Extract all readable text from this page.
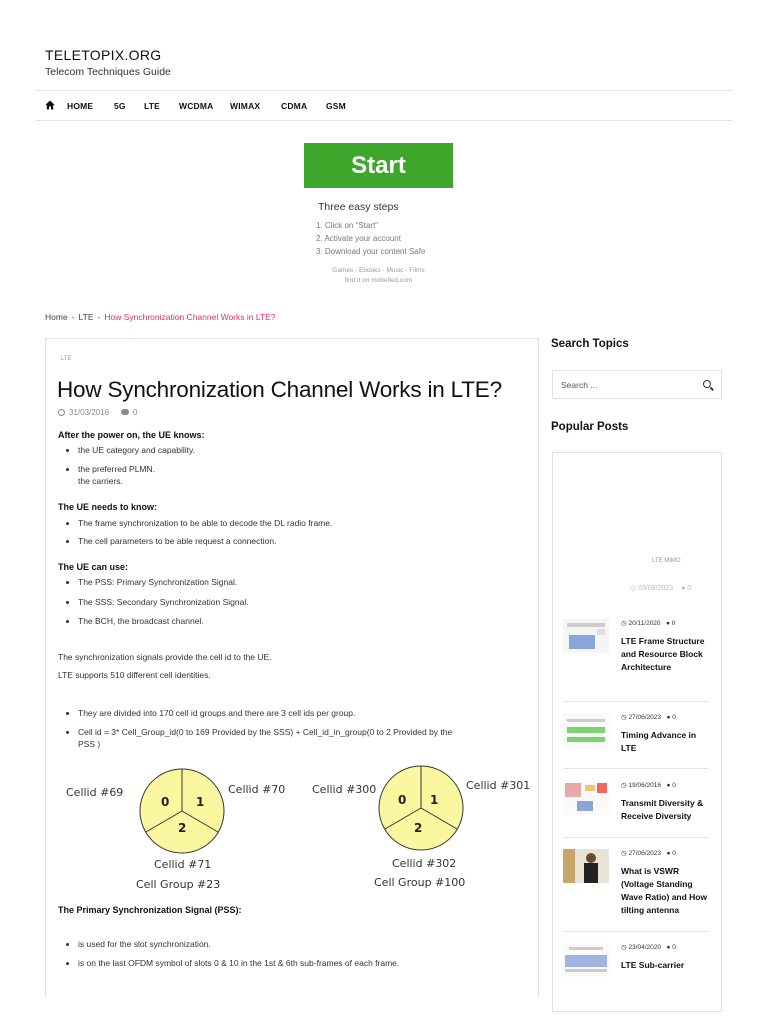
TELETOPIX.ORG
Telecom Techniques Guide
HOME 5G LTE WCDMA WIMAX CDMA GSM
Start
Three easy steps
1. Click on "Start"
2. Activate your account
3. Download your content Safe
Games - Ebooks - Music - Films
find it on mobefied.com
Home - LTE - How Synchronization Channel Works in LTE?
LTE
How Synchronization Channel Works in LTE?
31/03/2016	0
After the power on, the UE knows:
the UE category and capability.
the preferred PLMN.
the carriers.
The UE needs to know:
The frame synchronization to be able to decode the DL radio frame.
The cell parameters to be able request a connection.
The UE can use:
The PSS: Primary Synchronization Signal.
The SSS: Secondary Synchronization Signal.
The BCH, the broadcast channel.
The synchronization signals provide the cell id to the UE.
LTE supports 510 different cell identities.
They are divided into 170 cell id groups and there are 3 cell ids per group.
Cell id = 3* Cell_Group_id(0 to 169 Provided by the SSS) + Cell_id_in_group(0 to 2 Provided by the
PSS )
0 1
2
Cellid #69	Cellid #70
Cellid #71
Cell Group #23
0 1
2
Cellid #300	Cellid #301
Cellid #302
Cell Group #100
The Primary Synchronization Signal (PSS):
is used for the slot synchronization.
is on the last OFDM symbol of slots 0 & 10 in the 1st & 6th sub-frames of each frame.
Search Topics
Search ...
Popular Posts
LTE MIMO
◷ 03/09/2023 ● 0
◷ 20/11/2020 ● 0
LTE Frame Structure and Resource Block Architecture
◷ 27/06/2023 ● 0
Timing Advance in LTE
◷ 19/06/2016 ● 0
Transmit Diversity & Receive Diversity
◷ 27/06/2023 ● 0
What is VSWR (Voltage Standing Wave Ratio) and How tilting antenna
◷ 23/04/2020 ● 0
LTE Sub-carrier
